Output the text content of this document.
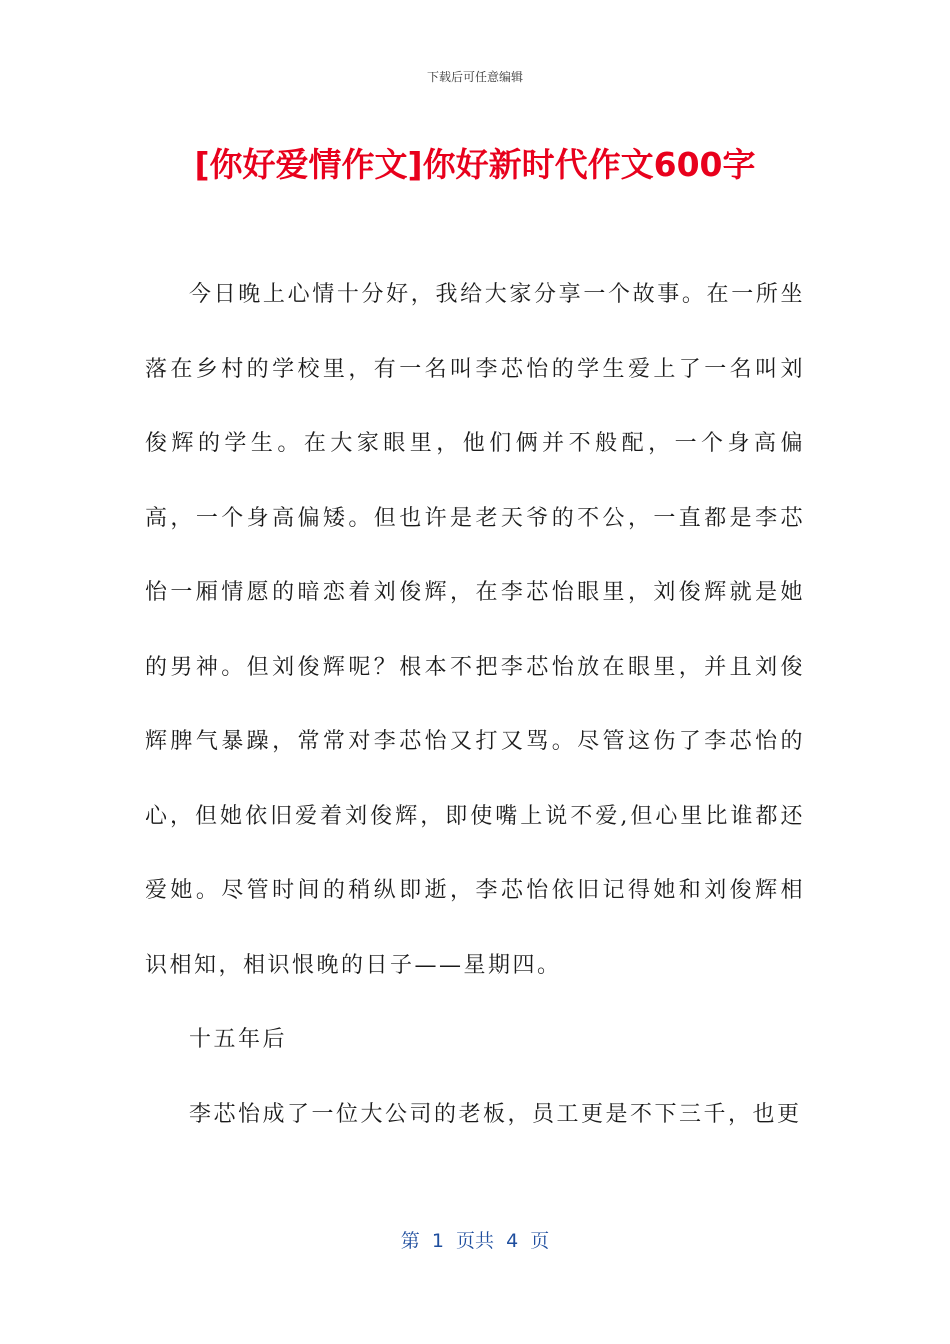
下载后可任意编辑
[你好爱情作文]你好新时代作文600字

今日晚上心情十分好，我给大家分享一个故事。在一所坐落在乡村的学校里，有一名叫李芯怡的学生爱上了一名叫刘俊辉的学生。在大家眼里，他们俩并不般配，一个身高偏高，一个身高偏矮。但也许是老天爷的不公，一直都是李芯怡一厢情愿的暗恋着刘俊辉，在李芯怡眼里，刘俊辉就是她的男神。但刘俊辉呢？根本不把李芯怡放在眼里，并且刘俊辉脾气暴躁，常常对李芯怡又打又骂。尽管这伤了李芯怡的心，但她依旧爱着刘俊辉，即使嘴上说不爱,但心里比谁都还爱她。尽管时间的稍纵即逝，李芯怡依旧记得她和刘俊辉相识相知，相识恨晚的日子——星期四。

十五年后

李芯怡成了一位大公司的老板，员工更是不下三千，也更

第  1  页共  4  页
